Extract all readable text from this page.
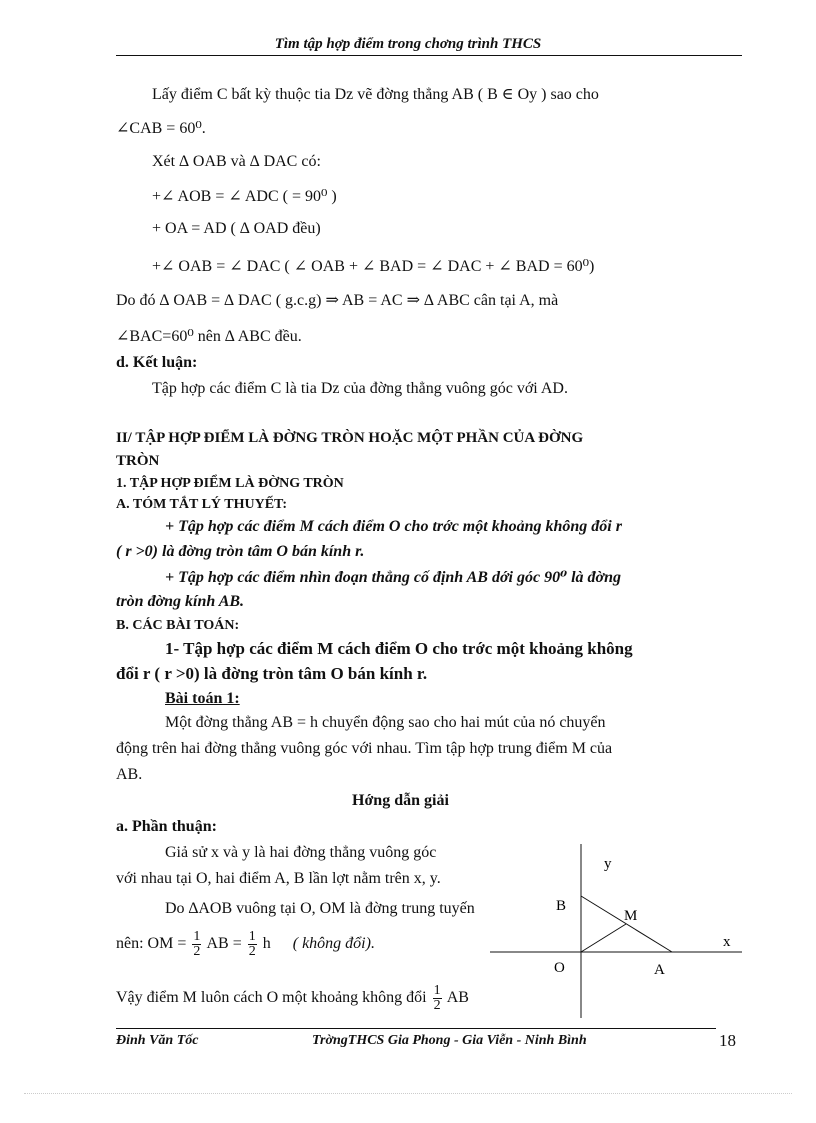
Tìm tập hợp điểm trong chơng trình THCS
Lấy điểm C bất kỳ thuộc tia Dz vẽ đờng thẳng AB ( B ∈ Oy ) sao cho
∠CAB = 60⁰.
Xét ∆ OAB và ∆ DAC có:
+∠ AOB = ∠ ADC ( = 90⁰ )
+ OA = AD ( ∆ OAD đều)
+∠ OAB = ∠ DAC ( ∠ OAB + ∠ BAD = ∠ DAC + ∠ BAD = 60⁰)
Do đó ∆ OAB = ∆ DAC ( g.c.g) ⇒ AB = AC ⇒ ∆ ABC cân tại A, mà
∠BAC=60⁰ nên ∆ ABC đều.
d. Kết luận:
Tập hợp các điểm C là tia Dz của đờng thẳng vuông góc với AD.
II/ TẬP HỢP ĐIỂM LÀ ĐỜNG TRÒN HOẶC MỘT PHẦN CỦA ĐỜNG
TRÒN
1. TẬP HỢP ĐIỂM LÀ ĐỜNG TRÒN
A. TÓM TẮT LÝ THUYẾT:
+ Tập hợp các điểm M cách điểm O cho trớc một khoảng không đổi r
( r >0) là đờng tròn tâm O bán kính r.
+ Tập hợp các điểm nhìn đoạn thẳng cố định AB dới góc 90⁰ là đờng
tròn đờng kính AB.
B. CÁC BÀI TOÁN:
1- Tập hợp các điểm M cách điểm O cho trớc một khoảng không
đổi r ( r >0) là đờng tròn tâm O bán kính r.
Bài toán 1:
Một đờng thẳng AB = h chuyển động sao cho hai mút của nó chuyển
động trên hai đờng thẳng vuông góc với nhau. Tìm tập hợp trung điểm M của
AB.
Hớng dẫn giải
a. Phần thuận:
Giả sử x và y là hai đờng thẳng vuông góc
với nhau tại O, hai điểm A, B lần lợt nằm trên x, y.
Do ∆AOB vuông tại O, OM là đờng trung tuyến
nên: OM = $\frac{1}{2}$ AB = $\frac{1}{2}$ h ( không đổi).
Vậy điểm M luôn cách O một khoảng không đổi $\frac{1}{2}$ AB
y
x
B
M
O	A
Đinh Văn Tốc	TrờngTHCS Gia Phong - Gia Viễn - Ninh Bình	18
